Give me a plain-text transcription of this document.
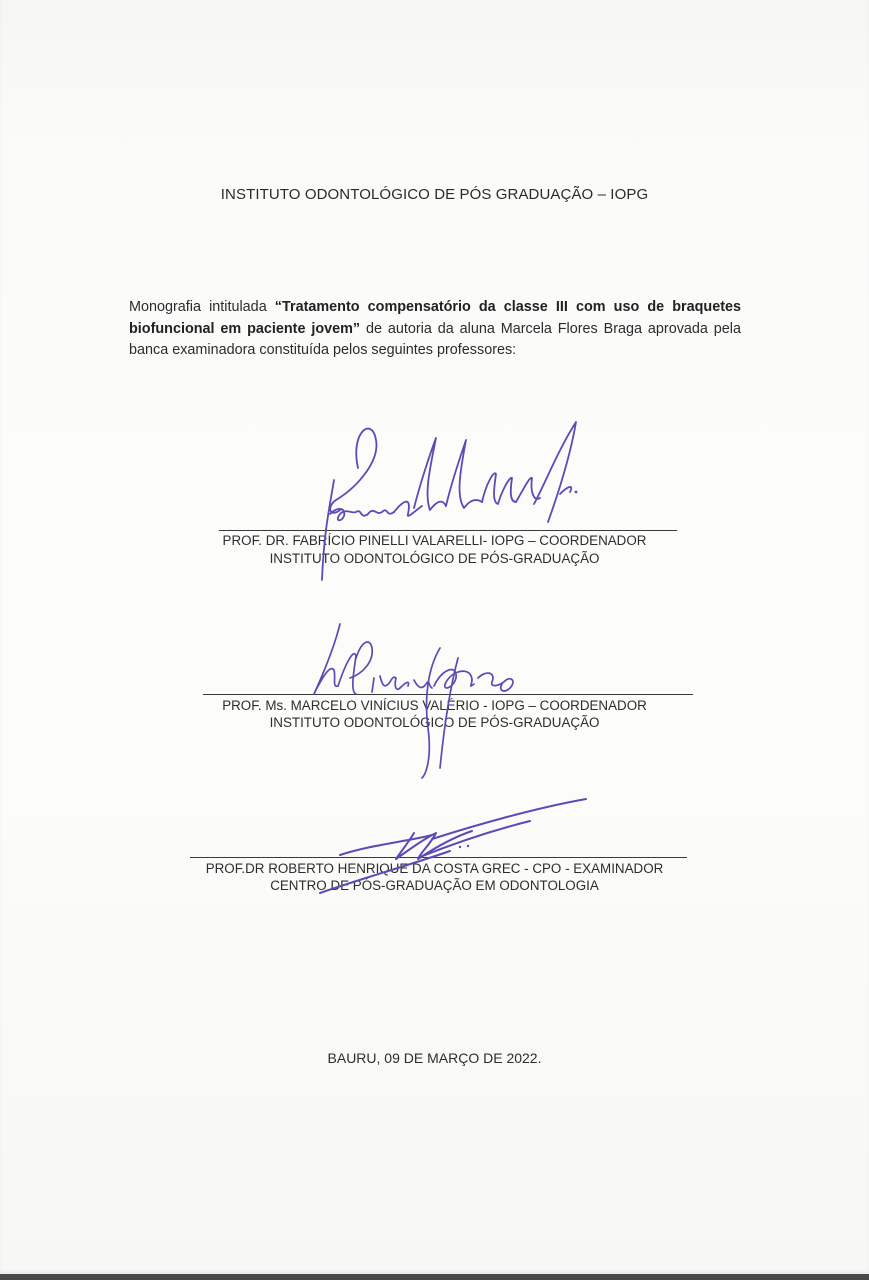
INSTITUTO ODONTOLÓGICO DE PÓS GRADUAÇÃO – IOPG
Monografia intitulada “Tratamento compensatório da classe III com uso de braquetes biofuncional em paciente jovem” de autoria da aluna Marcela Flores Braga aprovada pela banca examinadora constituída pelos seguintes professores:
PROF. DR. FABRÍCIO PINELLI VALARELLI- IOPG – COORDENADOR
INSTITUTO ODONTOLÓGICO DE PÓS-GRADUAÇÃO
PROF. Ms. MARCELO VINÍCIUS VALÉRIO - IOPG – COORDENADOR
INSTITUTO ODONTOLÓGICO DE PÓS-GRADUAÇÃO
PROF.DR ROBERTO HENRIQUE DA COSTA GREC - CPO - EXAMINADOR
CENTRO DE PÓS-GRADUAÇÃO EM ODONTOLOGIA
BAURU, 09 DE MARÇO DE 2022.
